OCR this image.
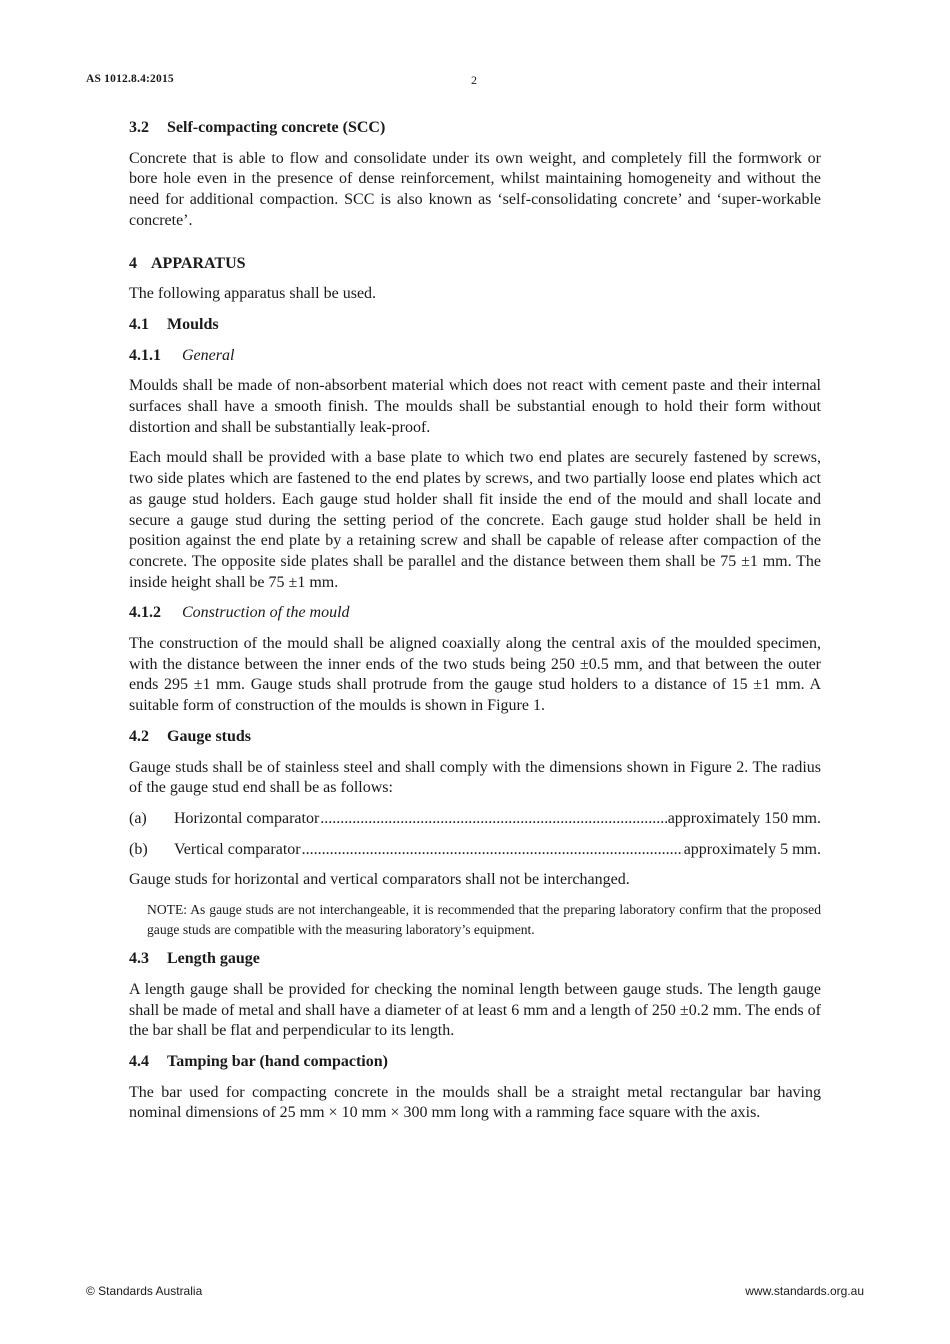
AS 1012.8.4:2015	2
3.2 Self-compacting concrete (SCC)

Concrete that is able to flow and consolidate under its own weight, and completely fill the formwork or bore hole even in the presence of dense reinforcement, whilst maintaining homogeneity and without the need for additional compaction. SCC is also known as ‘self-consolidating concrete’ and ‘super-workable concrete’.

4 APPARATUS

The following apparatus shall be used.

4.1 Moulds
4.1.1 General

Moulds shall be made of non-absorbent material which does not react with cement paste and their internal surfaces shall have a smooth finish. The moulds shall be substantial enough to hold their form without distortion and shall be substantially leak-proof.

Each mould shall be provided with a base plate to which two end plates are securely fastened by screws, two side plates which are fastened to the end plates by screws, and two partially loose end plates which act as gauge stud holders. Each gauge stud holder shall fit inside the end of the mould and shall locate and secure a gauge stud during the setting period of the concrete. Each gauge stud holder shall be held in position against the end plate by a retaining screw and shall be capable of release after compaction of the concrete. The opposite side plates shall be parallel and the distance between them shall be 75 ±1 mm. The inside height shall be 75 ±1 mm.

4.1.2 Construction of the mould

The construction of the mould shall be aligned coaxially along the central axis of the moulded specimen, with the distance between the inner ends of the two studs being 250 ±0.5 mm, and that between the outer ends 295 ±1 mm. Gauge studs shall protrude from the gauge stud holders to a distance of 15 ±1 mm. A suitable form of construction of the moulds is shown in Figure 1.

4.2 Gauge studs

Gauge studs shall be of stainless steel and shall comply with the dimensions shown in Figure 2. The radius of the gauge stud end shall be as follows:

(a)	Horizontal comparator .....	approximately 150 mm.
(b)	Vertical comparator .....	approximately 5 mm.

Gauge studs for horizontal and vertical comparators shall not be interchanged.

NOTE: As gauge studs are not interchangeable, it is recommended that the preparing laboratory confirm that the proposed gauge studs are compatible with the measuring laboratory’s equipment.
4.3 Length gauge

A length gauge shall be provided for checking the nominal length between gauge studs. The length gauge shall be made of metal and shall have a diameter of at least 6 mm and a length of 250 ±0.2 mm. The ends of the bar shall be flat and perpendicular to its length.

4.4 Tamping bar (hand compaction)

The bar used for compacting concrete in the moulds shall be a straight metal rectangular bar having nominal dimensions of 25 mm × 10 mm × 300 mm long with a ramming face square with the axis.

© Standards Australia	www.standards.org.au
